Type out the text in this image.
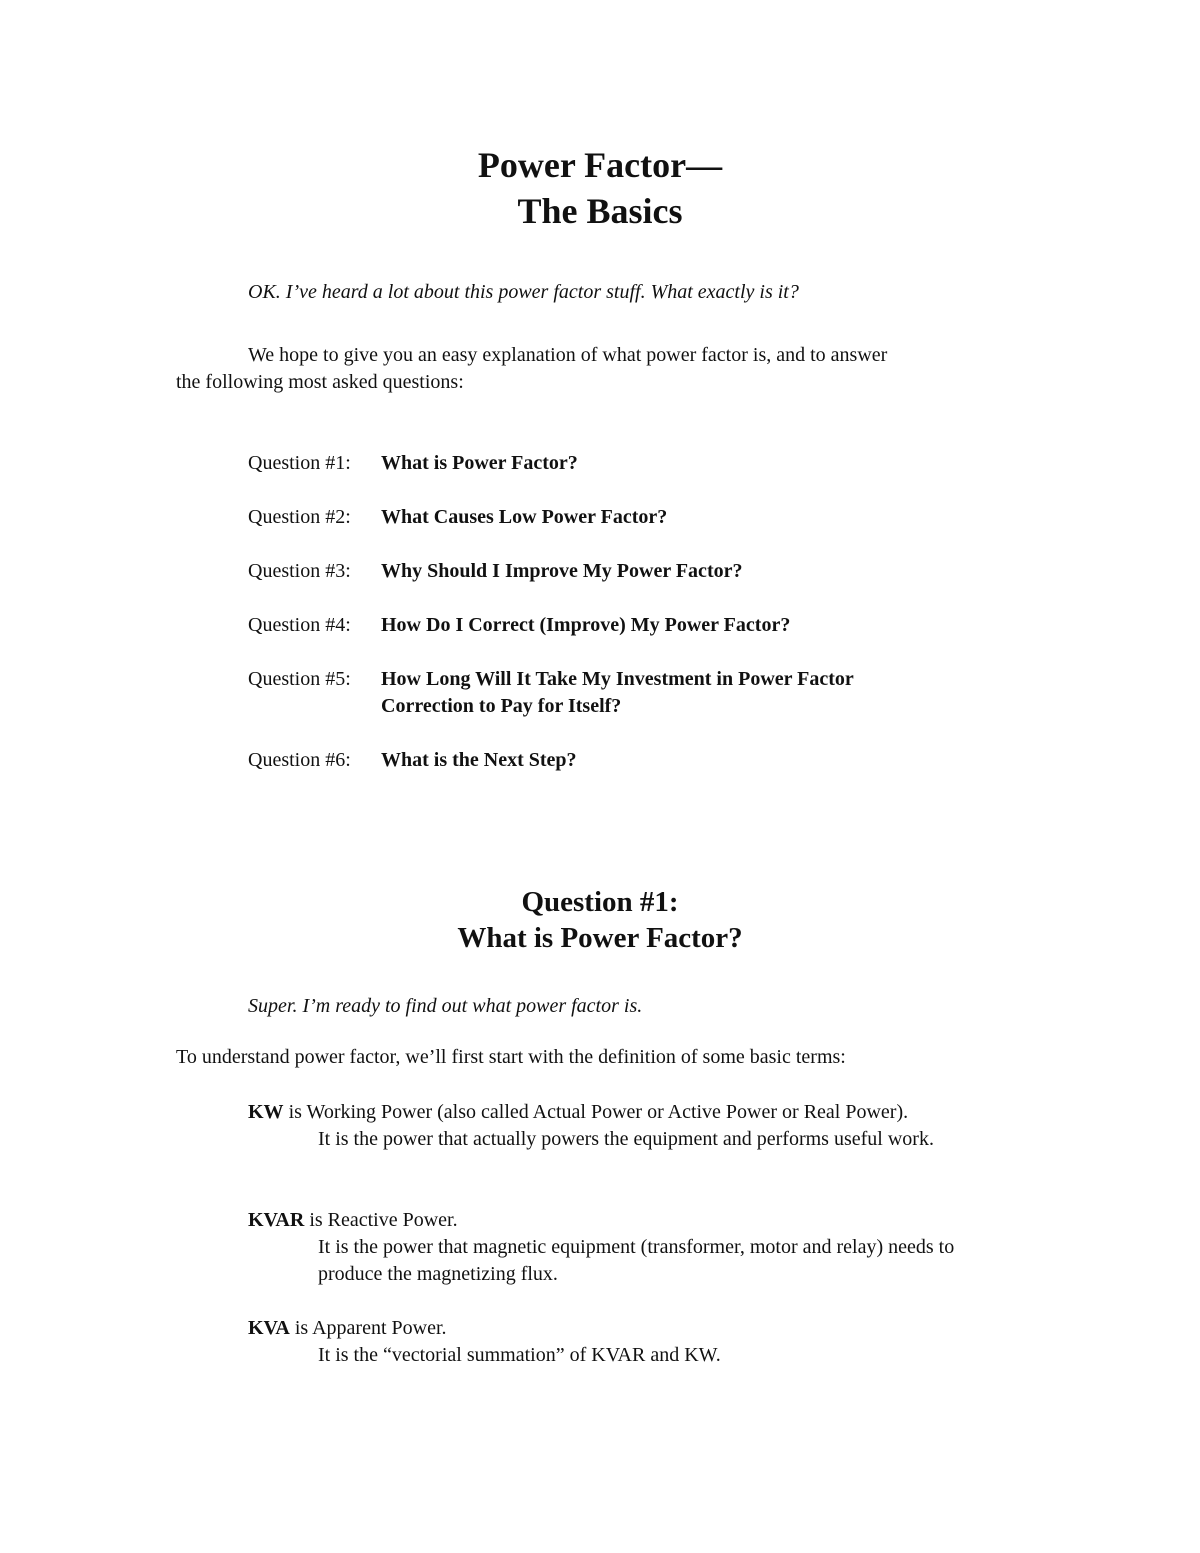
Power Factor—
The Basics

OK. I’ve heard a lot about this power factor stuff. What exactly is it?

We hope to give you an easy explanation of what power factor is, and to answer
the following most asked questions:
Question #1: What is Power Factor?
Question #2: What Causes Low Power Factor?
Question #3: Why Should I Improve My Power Factor?
Question #4: How Do I Correct (Improve) My Power Factor?
Question #5: How Long Will It Take My Investment in Power Factor Correction to Pay for Itself?
Question #6: What is the Next Step?
Question #1:
What is Power Factor?

Super. I’m ready to find out what power factor is.

To understand power factor, we’ll first start with the definition of some basic terms:

KW is Working Power (also called Actual Power or Active Power or Real Power).
It is the power that actually powers the equipment and performs useful work.
KVAR is Reactive Power.
It is the power that magnetic equipment (transformer, motor and relay) needs to produce the magnetizing flux.
KVA is Apparent Power.
It is the “vectorial summation” of KVAR and KW.
